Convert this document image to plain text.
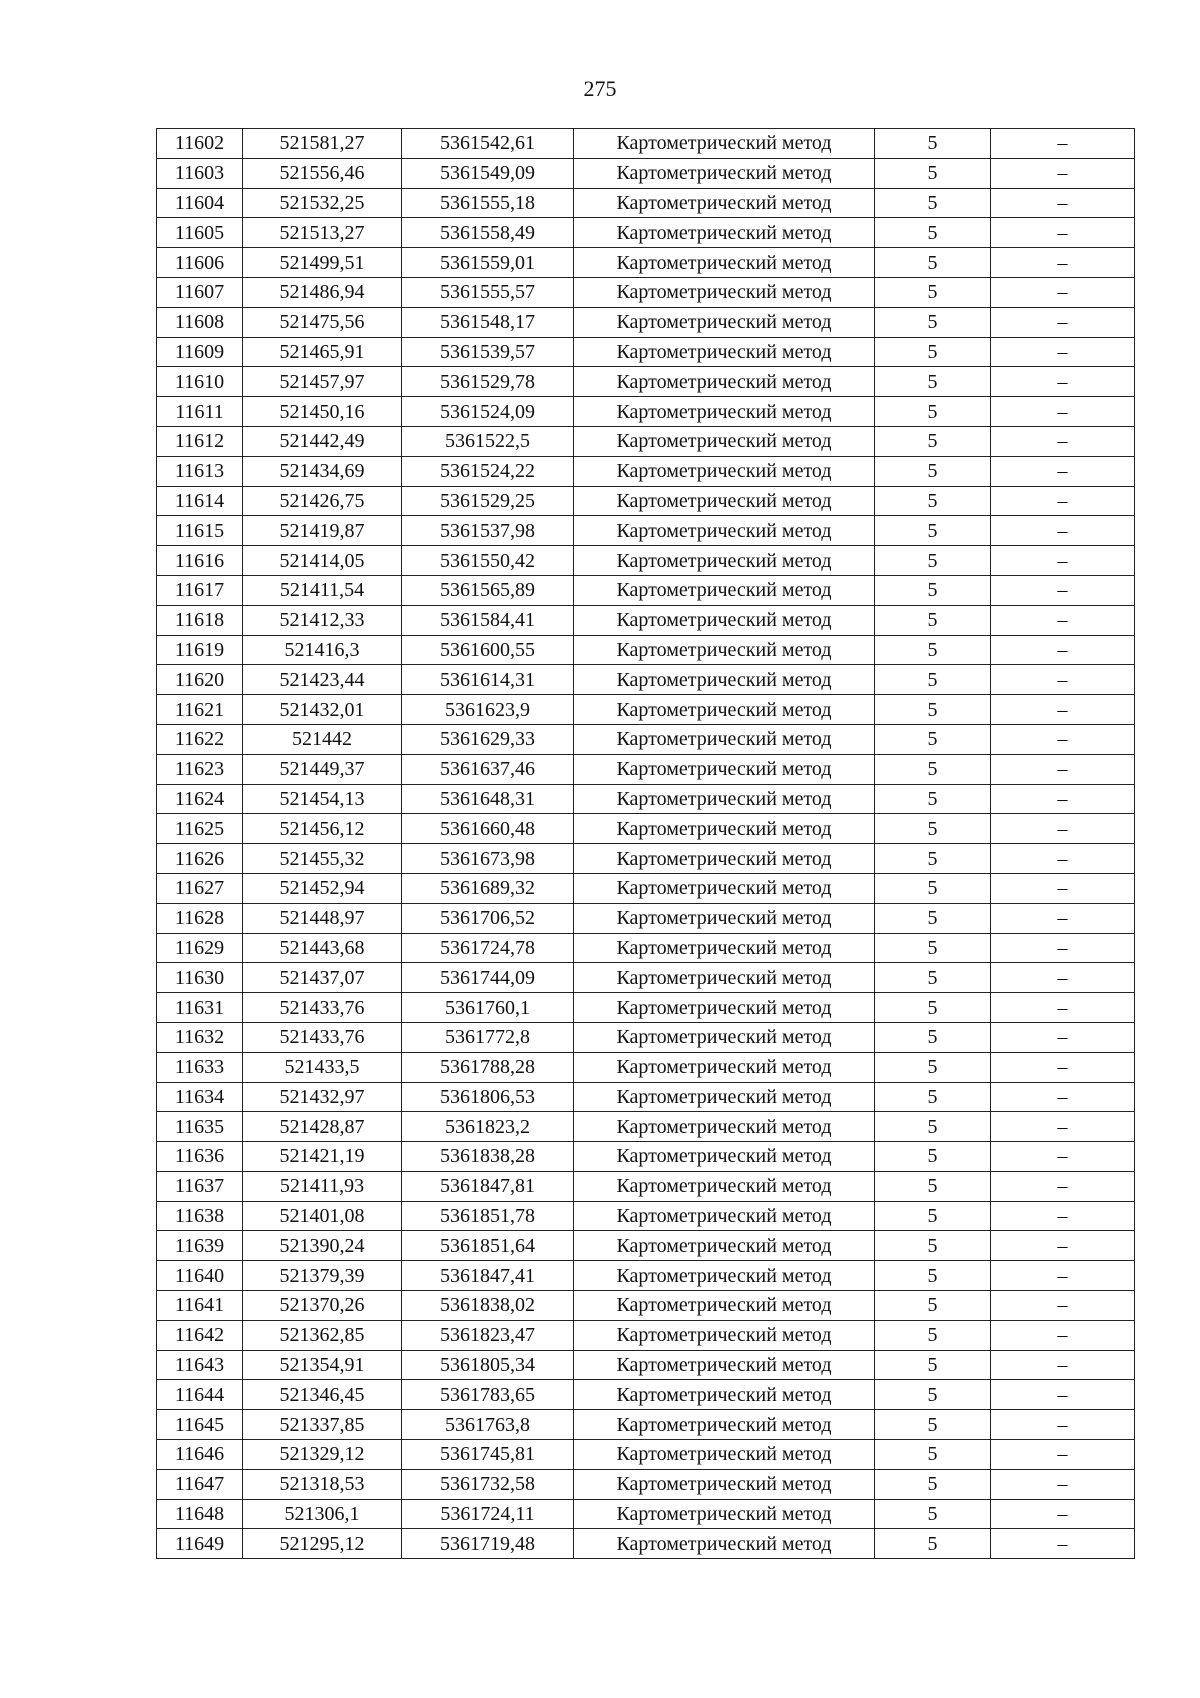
275
11602	521581,27	5361542,61	Картометрический метод	5	–
11603	521556,46	5361549,09	Картометрический метод	5	–
11604	521532,25	5361555,18	Картометрический метод	5	–
11605	521513,27	5361558,49	Картометрический метод	5	–
11606	521499,51	5361559,01	Картометрический метод	5	–
11607	521486,94	5361555,57	Картометрический метод	5	–
11608	521475,56	5361548,17	Картометрический метод	5	–
11609	521465,91	5361539,57	Картометрический метод	5	–
11610	521457,97	5361529,78	Картометрический метод	5	–
11611	521450,16	5361524,09	Картометрический метод	5	–
11612	521442,49	5361522,5	Картометрический метод	5	–
11613	521434,69	5361524,22	Картометрический метод	5	–
11614	521426,75	5361529,25	Картометрический метод	5	–
11615	521419,87	5361537,98	Картометрический метод	5	–
11616	521414,05	5361550,42	Картометрический метод	5	–
11617	521411,54	5361565,89	Картометрический метод	5	–
11618	521412,33	5361584,41	Картометрический метод	5	–
11619	521416,3	5361600,55	Картометрический метод	5	–
11620	521423,44	5361614,31	Картометрический метод	5	–
11621	521432,01	5361623,9	Картометрический метод	5	–
11622	521442	5361629,33	Картометрический метод	5	–
11623	521449,37	5361637,46	Картометрический метод	5	–
11624	521454,13	5361648,31	Картометрический метод	5	–
11625	521456,12	5361660,48	Картометрический метод	5	–
11626	521455,32	5361673,98	Картометрический метод	5	–
11627	521452,94	5361689,32	Картометрический метод	5	–
11628	521448,97	5361706,52	Картометрический метод	5	–
11629	521443,68	5361724,78	Картометрический метод	5	–
11630	521437,07	5361744,09	Картометрический метод	5	–
11631	521433,76	5361760,1	Картометрический метод	5	–
11632	521433,76	5361772,8	Картометрический метод	5	–
11633	521433,5	5361788,28	Картометрический метод	5	–
11634	521432,97	5361806,53	Картометрический метод	5	–
11635	521428,87	5361823,2	Картометрический метод	5	–
11636	521421,19	5361838,28	Картометрический метод	5	–
11637	521411,93	5361847,81	Картометрический метод	5	–
11638	521401,08	5361851,78	Картометрический метод	5	–
11639	521390,24	5361851,64	Картометрический метод	5	–
11640	521379,39	5361847,41	Картометрический метод	5	–
11641	521370,26	5361838,02	Картометрический метод	5	–
11642	521362,85	5361823,47	Картометрический метод	5	–
11643	521354,91	5361805,34	Картометрический метод	5	–
11644	521346,45	5361783,65	Картометрический метод	5	–
11645	521337,85	5361763,8	Картометрический метод	5	–
11646	521329,12	5361745,81	Картометрический метод	5	–
11647	521318,53	5361732,58	Картометрический метод	5	–
11648	521306,1	5361724,11	Картометрический метод	5	–
11649	521295,12	5361719,48	Картометрический метод	5	–
